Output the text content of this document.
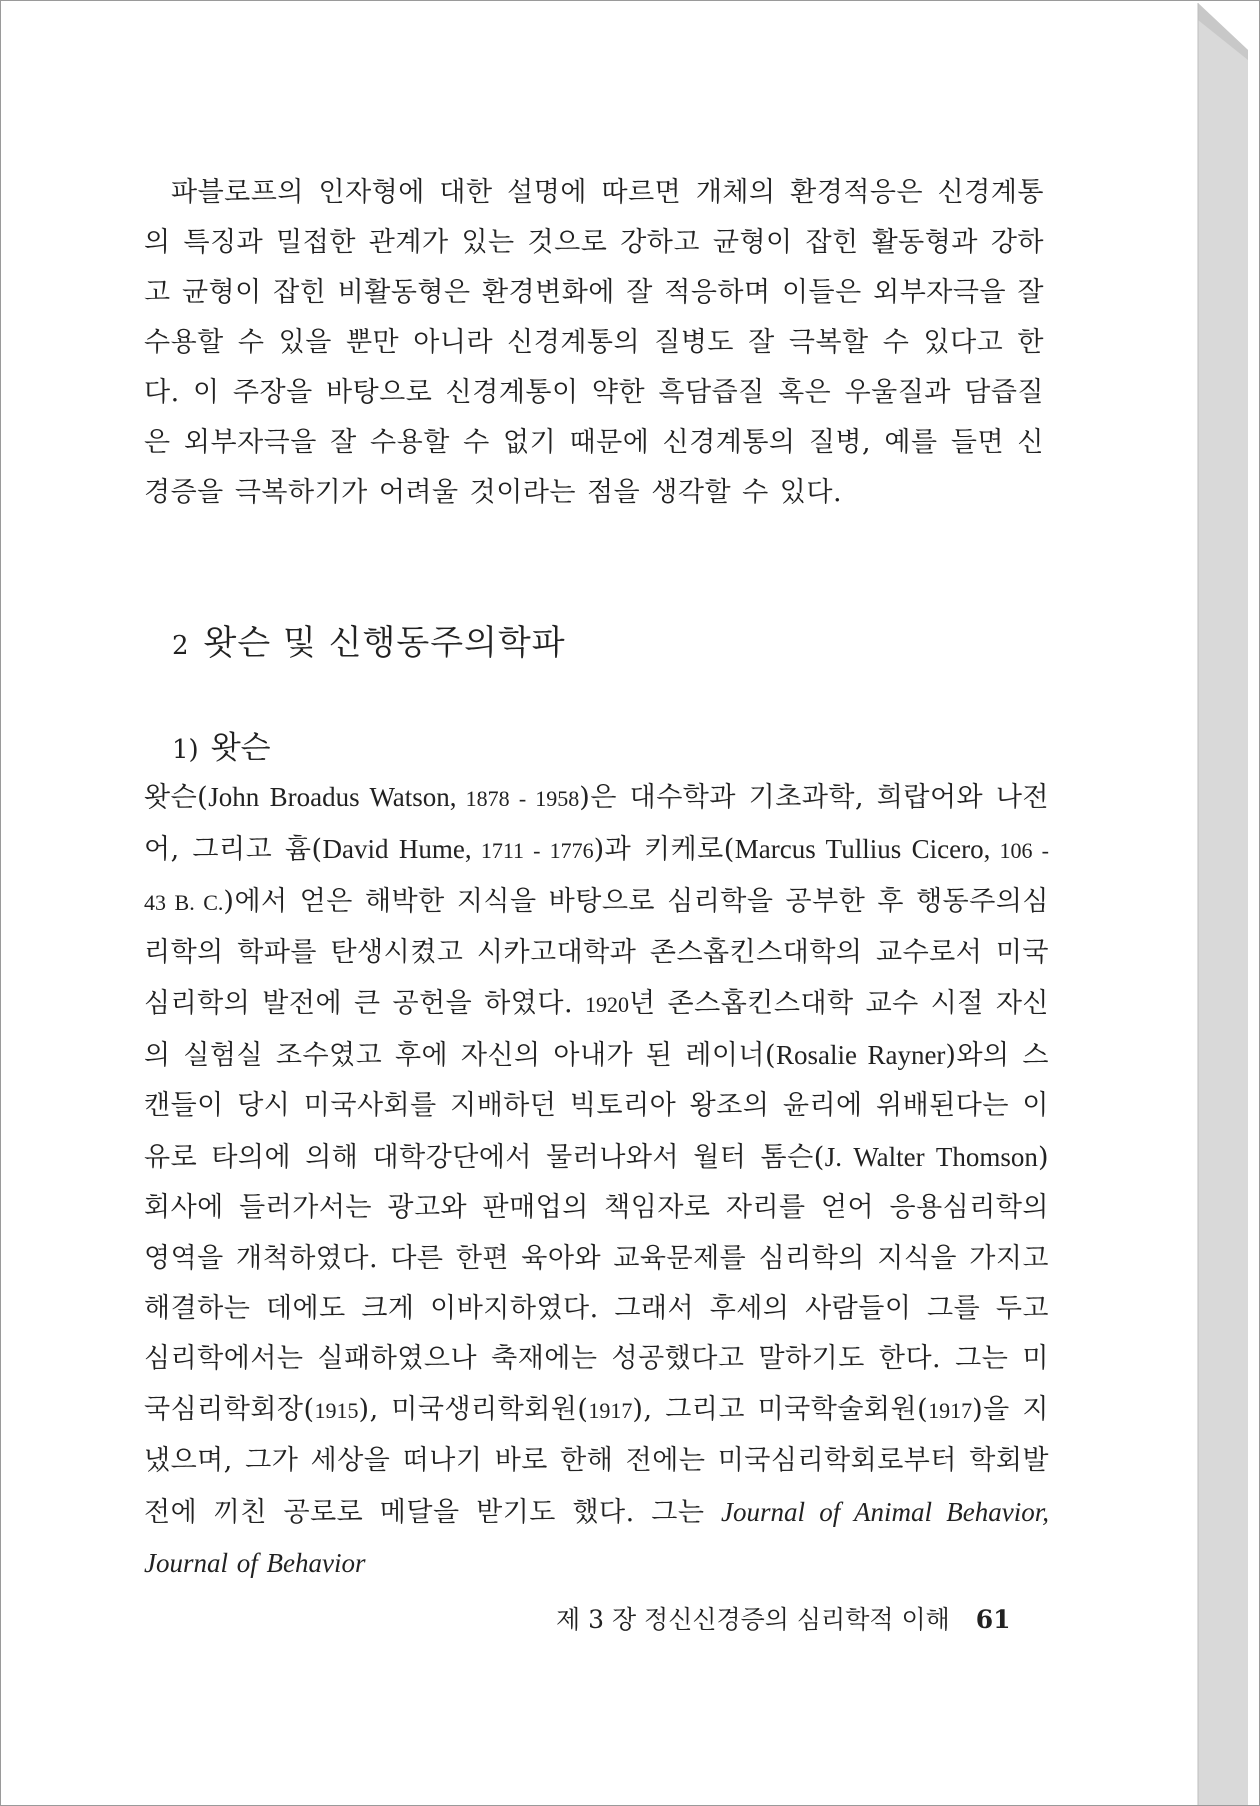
파블로프의 인자형에 대한 설명에 따르면 개체의 환경적응은 신경계통의 특징과 밀접한 관계가 있는 것으로 강하고 균형이 잡힌 활동형과 강하고 균형이 잡힌 비활동형은 환경변화에 잘 적응하며 이들은 외부자극을 잘 수용할 수 있을 뿐만 아니라 신경계통의 질병도 잘 극복할 수 있다고 한다. 이 주장을 바탕으로 신경계통이 약한 흑담즙질 혹은 우울질과 담즙질은 외부자극을 잘 수용할 수 없기 때문에 신경계통의 질병, 예를 들면 신경증을 극복하기가 어려울 것이라는 점을 생각할 수 있다.

2 왓슨 및 신행동주의학파
1) 왓슨

왓슨(John Broadus Watson, 1878 - 1958)은 대수학과 기초과학, 희랍어와 나전어, 그리고 흄(David Hume, 1711 - 1776)과 키케로(Marcus Tullius Cicero, 106 - 43 B. C.)에서 얻은 해박한 지식을 바탕으로 심리학을 공부한 후 행동주의심리학의 학파를 탄생시켰고 시카고대학과 존스홉킨스대학의 교수로서 미국심리학의 발전에 큰 공헌을 하였다. 1920년 존스홉킨스대학 교수 시절 자신의 실험실 조수였고 후에 자신의 아내가 된 레이너(Rosalie Rayner)와의 스캔들이 당시 미국사회를 지배하던 빅토리아 왕조의 윤리에 위배된다는 이유로 타의에 의해 대학강단에서 물러나와서 월터 톰슨(J. Walter Thomson) 회사에 들러가서는 광고와 판매업의 책임자로 자리를 얻어 응용심리학의 영역을 개척하였다. 다른 한편 육아와 교육문제를 심리학의 지식을 가지고 해결하는 데에도 크게 이바지하였다. 그래서 후세의 사람들이 그를 두고 심리학에서는 실패하였으나 축재에는 성공했다고 말하기도 한다. 그는 미국심리학회장(1915), 미국생리학회원(1917), 그리고 미국학술회원(1917)을 지냈으며, 그가 세상을 떠나기 바로 한해 전에는 미국심리학회로부터 학회발전에 끼친 공로로 메달을 받기도 했다. 그는 Journal of Animal Behavior, Journal of Behavior

제 3 장 정신신경증의 심리학적 이해 61
